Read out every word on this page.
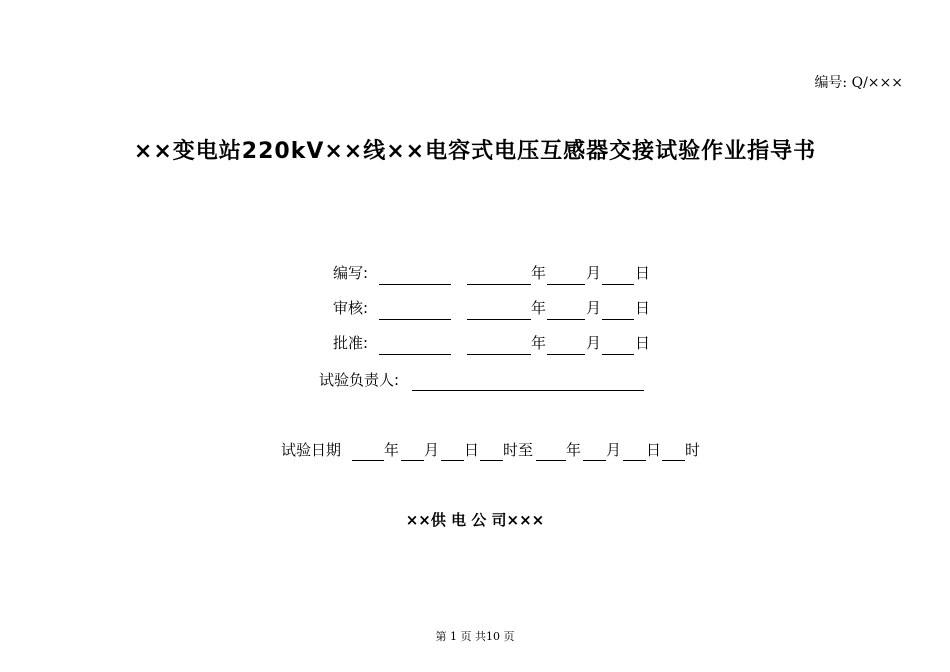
编号: Q/×××
××变电站220kV××线××电容式电压互感器交接试验作业指导书
编写:	年	月 日
审核:	年	月 日
批准:	年	月 日
试验负责人:
试验日期	年 月 日 时至 年 月 日 时
××供 电 公 司×××
第 1 页 共10 页
